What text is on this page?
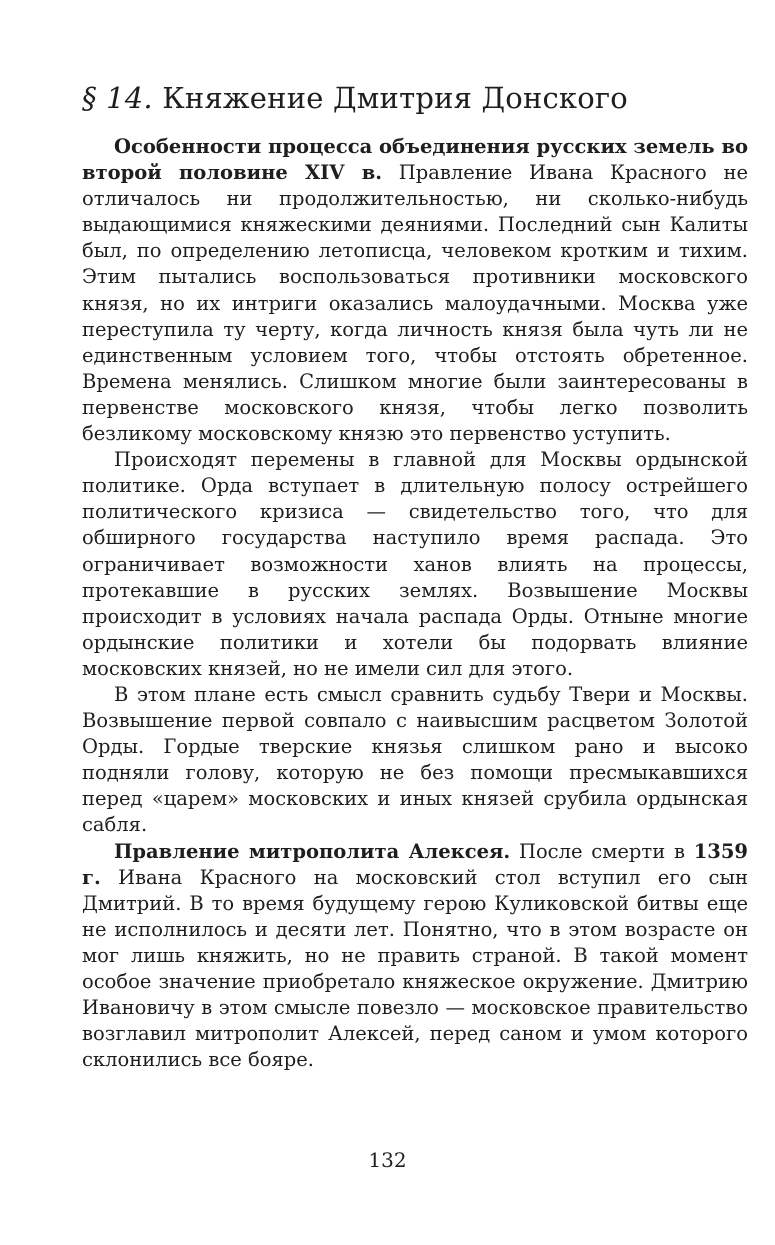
§ 14. Княжение Дмитрия Донского

Особенности процесса объединения русских земель во второй половине XIV в. Правление Ивана Красного не отличалось ни продолжительностью, ни сколько-нибудь выдающимися княжескими деяниями. Последний сын Калиты был, по определению летописца, человеком кротким и тихим. Этим пытались воспользоваться противники московского князя, но их интриги оказались малоудачными. Москва уже переступила ту черту, когда личность князя была чуть ли не единственным условием того, чтобы отстоять обретенное. Времена менялись. Слишком многие были заинтересованы в первенстве московского князя, чтобы легко позволить безликому московскому князю это первенство уступить.

Происходят перемены в главной для Москвы ордынской политике. Орда вступает в длительную полосу острейшего политического кризиса — свидетельство того, что для обширного государства наступило время распада. Это ограничивает возможности ханов влиять на процессы, протекавшие в русских землях. Возвышение Москвы происходит в условиях начала распада Орды. Отныне многие ордынские политики и хотели бы подорвать влияние московских князей, но не имели сил для этого.

В этом плане есть смысл сравнить судьбу Твери и Москвы. Возвышение первой совпало с наивысшим расцветом Золотой Орды. Гордые тверские князья слишком рано и высоко подняли голову, которую не без помощи пресмыкавшихся перед «царем» московских и иных князей срубила ордынская сабля.

Правление митрополита Алексея. После смерти в 1359 г. Ивана Красного на московский стол вступил его сын Дмитрий. В то время будущему герою Куликовской битвы еще не исполнилось и десяти лет. Понятно, что в этом возрасте он мог лишь княжить, но не править страной. В такой момент особое значение приобретало княжеское окружение. Дмитрию Ивановичу в этом смысле повезло — московское правительство возглавил митрополит Алексей, перед саном и умом которого склонились все бояре.

132
